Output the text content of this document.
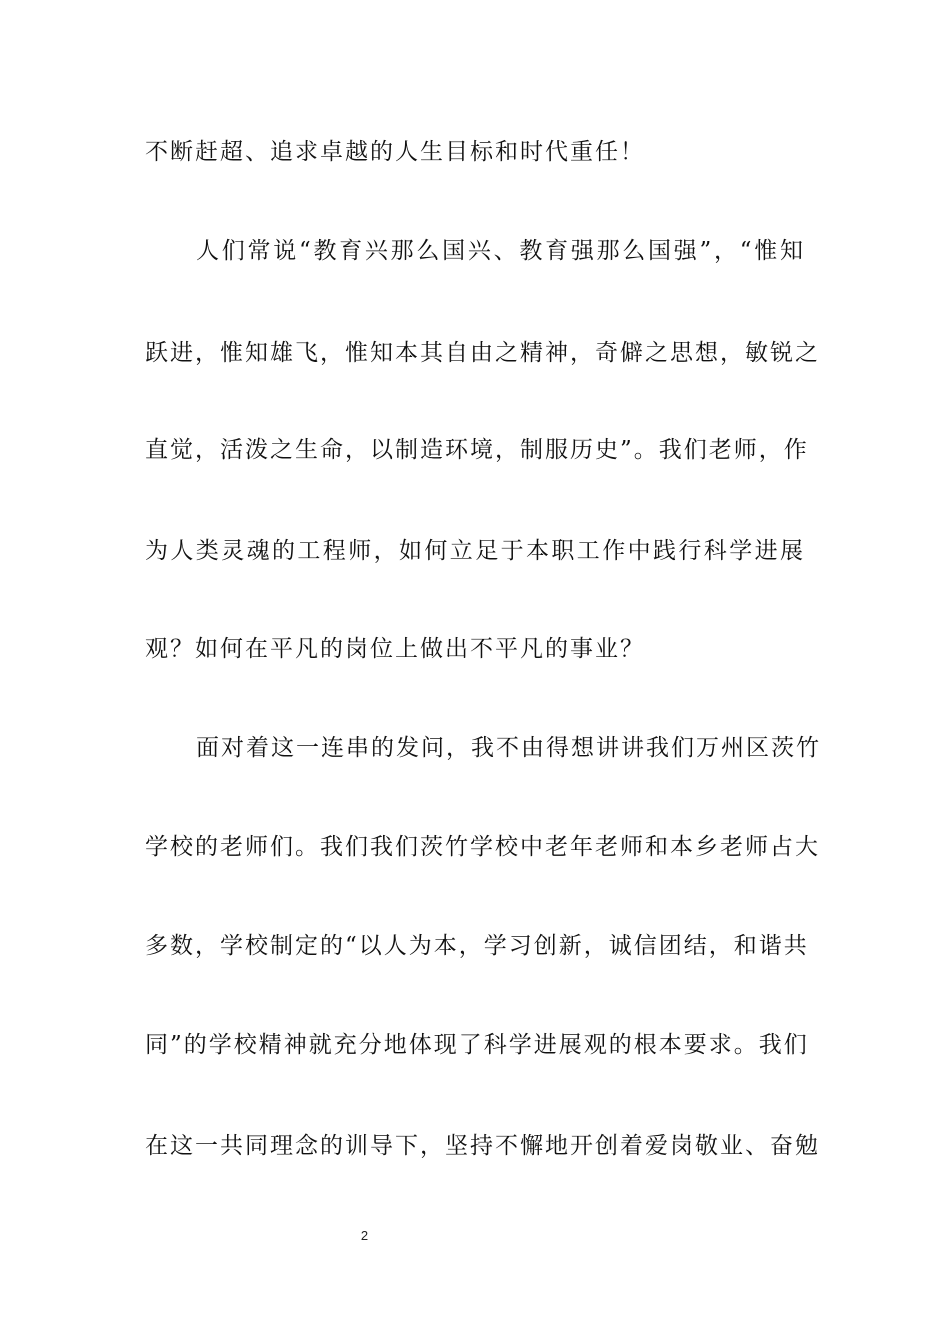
不断赶超、追求卓越的人生目标和时代重任！
人们常说“教育兴那么国兴、教育强那么国强”，“惟知
跃进，惟知雄飞，惟知本其自由之精神，奇僻之思想，敏锐之
直觉，活泼之生命，以制造环境，制服历史”。我们老师，作
为人类灵魂的工程师，如何立足于本职工作中践行科学进展
观？如何在平凡的岗位上做出不平凡的事业？
面对着这一连串的发问，我不由得想讲讲我们万州区茨竹
学校的老师们。我们我们茨竹学校中老年老师和本乡老师占大
多数，学校制定的“以人为本，学习创新，诚信团结，和谐共
同”的学校精神就充分地体现了科学进展观的根本要求。我们
在这一共同理念的训导下，坚持不懈地开创着爱岗敬业、奋勉
2
